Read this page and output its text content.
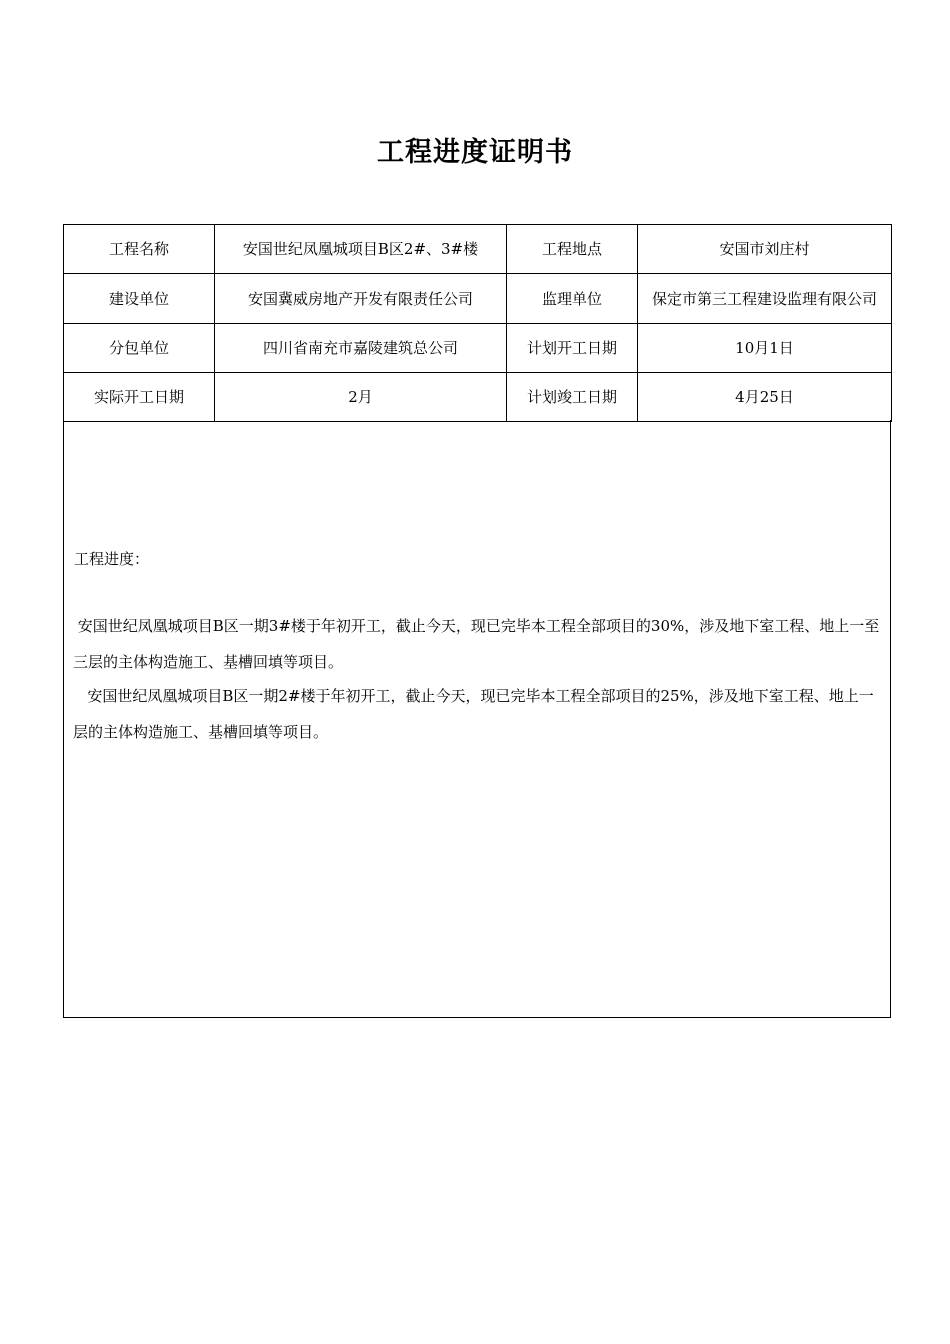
工程进度证明书
工程名称	安国世纪凤凰城项目B区2#、3#楼	工程地点	安国市刘庄村
建设单位	安国冀威房地产开发有限责任公司	监理单位	保定市第三工程建设监理有限公司
分包单位	四川省南充市嘉陵建筑总公司	计划开工日期	10月1日
实际开工日期	2月	计划竣工日期	4月25日
工程进度：
安国世纪凤凰城项目B区一期3#楼于年初开工，截止今天，现已完毕本工程全部项目的30%，涉及地下室工程、地上一至三层的主体构造施工、基槽回填等项目。
安国世纪凤凰城项目B区一期2#楼于年初开工，截止今天，现已完毕本工程全部项目的25%，涉及地下室工程、地上一层的主体构造施工、基槽回填等项目。
